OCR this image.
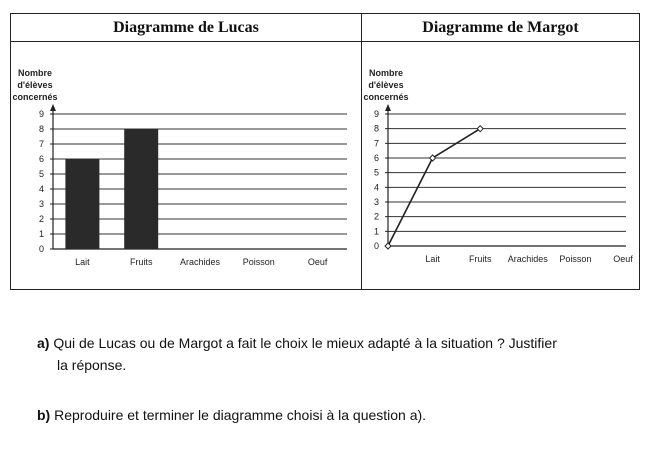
Diagramme de Lucas
Nombre
d'élèves
concernés
0
1
2
3
4
5
6
7
8
9
Lait	Fruits	Arachides	Poisson	Oeuf
Diagramme de Margot
Nombre
d'élèves
concernés
0
1
2
3
4
5
6
7
8
9
Lait	Fruits Arachides Poisson Oeuf

a) Qui de Lucas ou de Margot a fait le choix le mieux adapté à la situation ? Justifier
la réponse.

b) Reproduire et terminer le diagramme choisi à la question a).
